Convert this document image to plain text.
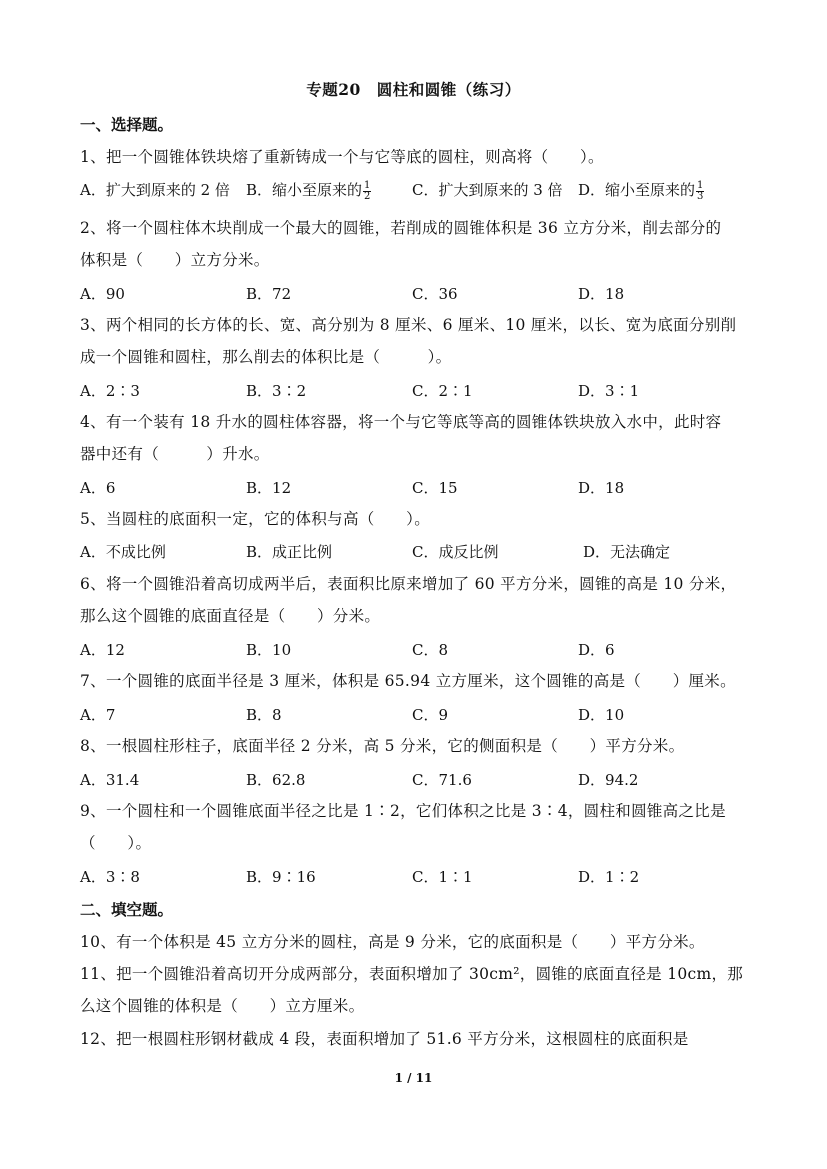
专题20　圆柱和圆锥（练习）
一、选择题。
1、把一个圆锥体铁块熔了重新铸成一个与它等底的圆柱，则高将（　　）。
A．扩大到原来的 2 倍 B．缩小至原来的 $\frac{1}{2}$	C．扩大到原来的 3 倍 D．缩小至原来的 $\frac{1}{3}$
2、将一个圆柱体木块削成一个最大的圆锥，若削成的圆锥体积是 36 立方分米，削去部分的
体积是（　　）立方分米。
A．90	B．72	C．36	D．18
3、两个相同的长方体的长、宽、高分别为 8 厘米、6 厘米、10 厘米，以长、宽为底面分别削
成一个圆锥和圆柱，那么削去的体积比是（　　　）。
A．2∶3	B．3∶2	C．2∶1	D．3∶1
4、有一个装有 18 升水的圆柱体容器，将一个与它等底等高的圆锥体铁块放入水中，此时容
器中还有（　　　）升水。
A．6	B．12	C．15	D．18
5、当圆柱的底面积一定，它的体积与高（　　）。
A．不成比例	B．成正比例	C．成反比例	D．无法确定
6、将一个圆锥沿着高切成两半后，表面积比原来增加了 60 平方分米，圆锥的高是 10 分米，
那么这个圆锥的底面直径是（　　）分米。
A．12	B．10	C．8	D．6
7、一个圆锥的底面半径是 3 厘米，体积是 65.94 立方厘米，这个圆锥的高是（　　）厘米。
A．7	B．8	C．9	D．10
8、一根圆柱形柱子，底面半径 2 分米，高 5 分米，它的侧面积是（　　）平方分米。
A．31.4	B．62.8	C．71.6	D．94.2
9、一个圆柱和一个圆锥底面半径之比是 1∶2，它们体积之比是 3∶4，圆柱和圆锥高之比是
（　　）。
A．3∶8	B．9∶16	C．1∶1	D．1∶2
二、填空题。
10、有一个体积是 45 立方分米的圆柱，高是 9 分米，它的底面积是（　　）平方分米。
11、把一个圆锥沿着高切开分成两部分，表面积增加了 30cm²，圆锥的底面直径是 10cm，那
么这个圆锥的体积是（　　）立方厘米。
12、把一根圆柱形钢材截成 4 段，表面积增加了 51.6 平方分米，这根圆柱的底面积是
1 / 11
